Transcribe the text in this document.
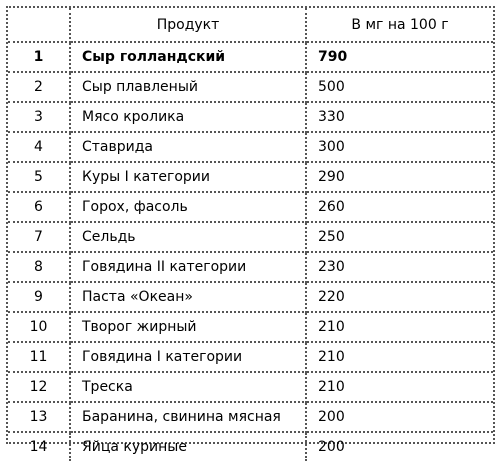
	Продукт	В мг на 100 г
1	Сыр голландский	790
2	Сыр плавленый	500
3	Мясо кролика	330
4	Ставрида	300
5	Куры I категории	290
6	Горох, фасоль	260
7	Сельдь	250
8	Говядина II категории	230
9	Паста «Океан»	220
10	Творог жирный	210
11	Говядина I категории	210
12	Треска	210
13	Баранина, свинина мясная	200
14	Яйца куриные	200
